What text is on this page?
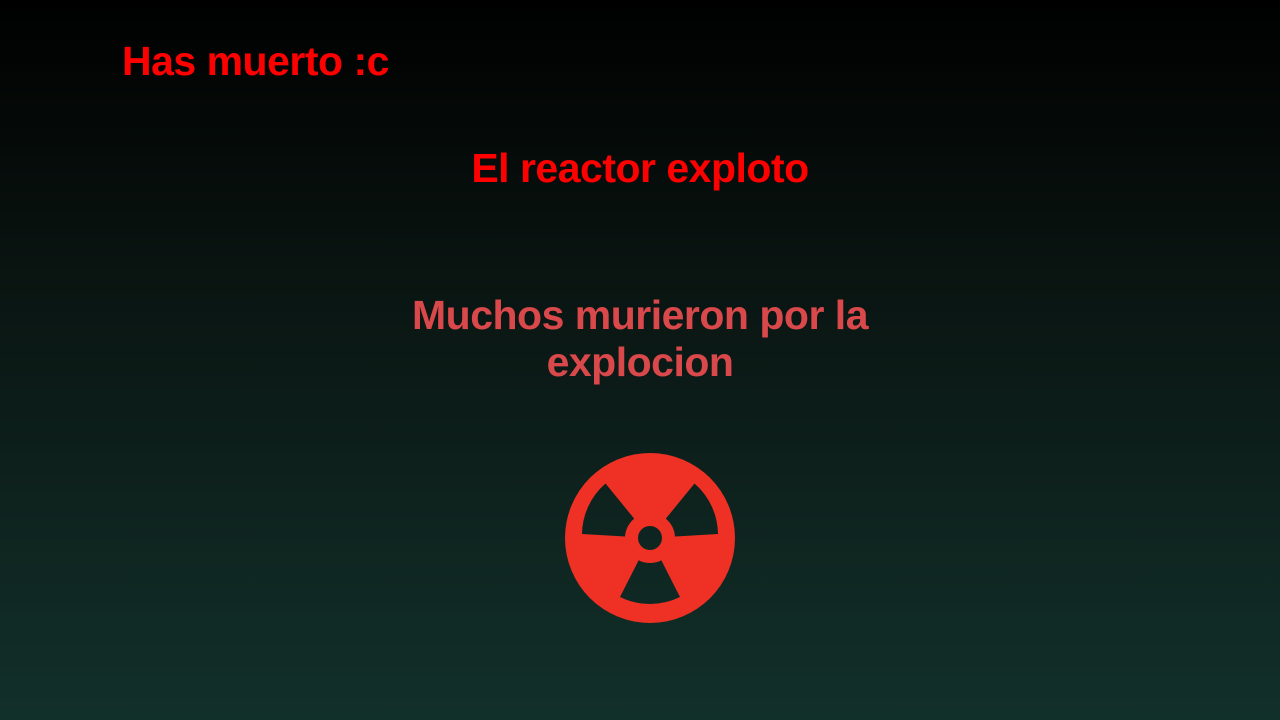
Has muerto :c
El reactor exploto

Muchos murieron por la explocion
